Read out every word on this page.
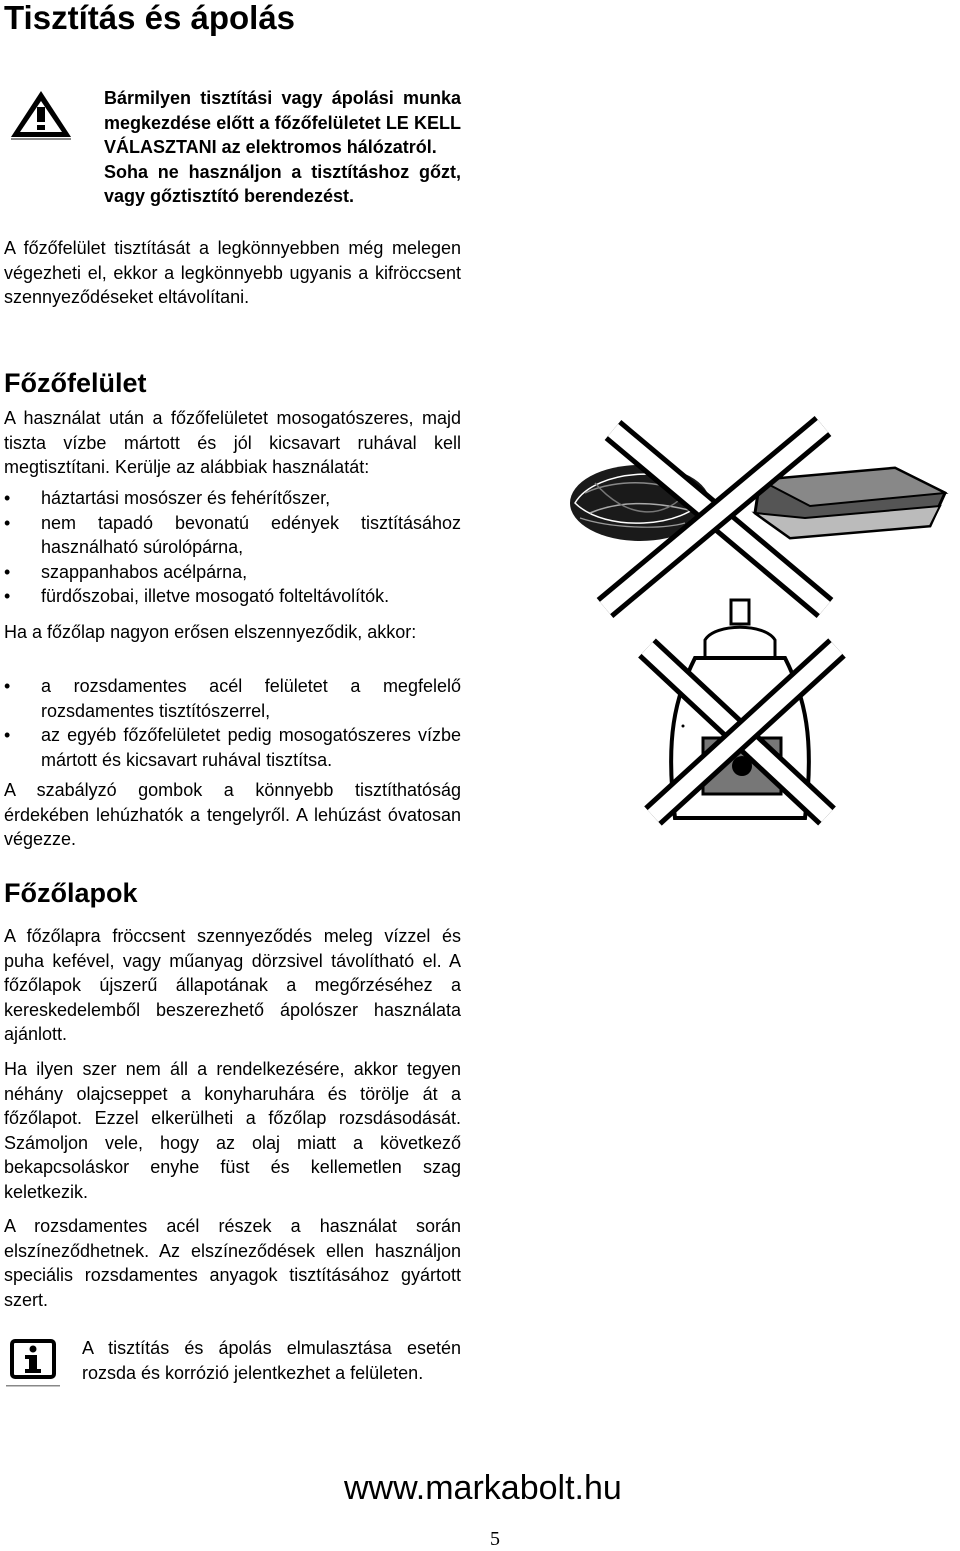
Tisztítás és ápolás

Bármilyen tisztítási vagy ápolási munka megkezdése előtt a főzőfelületet LE KELL VÁLASZTANI az elektromos hálózatról.

Soha ne használjon a tisztításhoz gőzt, vagy gőztisztító berendezést.

A főzőfelület tisztítását a legkönnyebben még melegen végezheti el, ekkor a legkönnyebb ugyanis a kifröccsent szennyeződéseket eltávolítani.

Főzőfelület

A használat után a főzőfelületet mosogatószeres, majd tiszta vízbe mártott és jól kicsavart ruhával kell megtisztítani. Kerülje az alábbiak használatát:

• háztartási mosószer és fehérítőszer,
• nem tapadó bevonatú edények tisztításához használható súrolópárna,
• szappanhabos acélpárna,
• fürdőszobai, illetve mosogató folteltávolítók.

Ha a főzőlap nagyon erősen elszennyeződik, akkor:

• a rozsdamentes acél felületet a megfelelő rozsdamentes tisztítószerrel,
• az egyéb főzőfelületet pedig mosogatószeres vízbe mártott és kicsavart ruhával tisztítsa.

A szabályzó gombok a könnyebb tisztíthatóság érdekében lehúzhatók a tengelyről. A lehúzást óvatosan végezze.

Főzőlapok

A főzőlapra fröccsent szennyeződés meleg vízzel és puha kefével, vagy műanyag dörzsivel távolítható el. A főzőlapok újszerű állapotának a megőrzéséhez a kereskedelemből beszerezhető ápolószer használata ajánlott.

Ha ilyen szer nem áll a rendelkezésére, akkor tegyen néhány olajcseppet a konyharuhára és törölje át a főzőlapot. Ezzel elkerülheti a főzőlap rozsdásodását. Számoljon vele, hogy az olaj miatt a következő bekapcsoláskor enyhe füst és kellemetlen szag keletkezik.

A rozsdamentes acél részek a használat során elszíneződhetnek. Az elszíneződések ellen használjon speciális rozsdamentes anyagok tisztításához gyártott szert.

A tisztítás és ápolás elmulasztása esetén rozsda és korrózió jelentkezhet a felületen.

www.markabolt.hu
5
